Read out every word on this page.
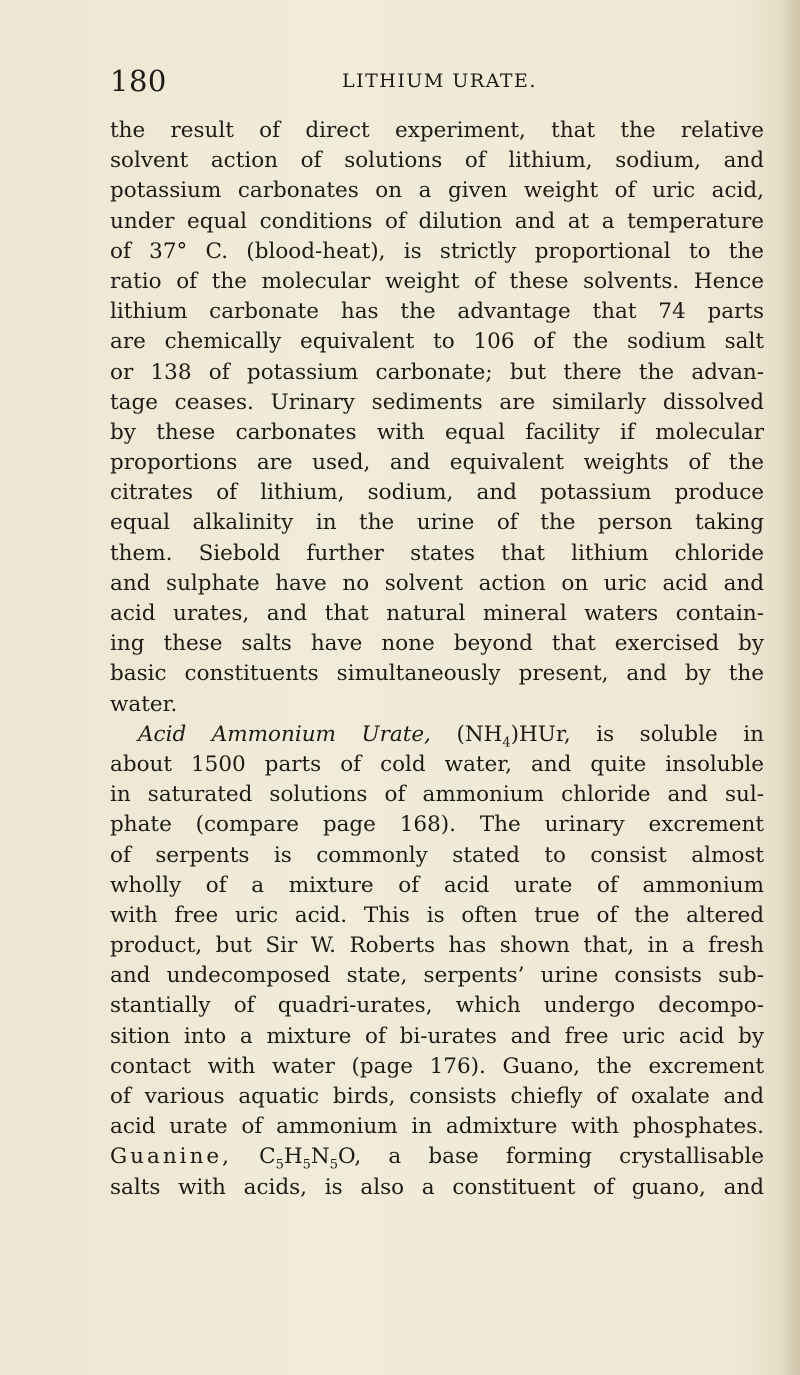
180	LITHIUM URATE.
the result of direct experiment, that the relative
solvent action of solutions of lithium, sodium, and
potassium carbonates on a given weight of uric acid,
under equal conditions of dilution and at a temperature
of 37° C. (blood-heat), is strictly proportional to the
ratio of the molecular weight of these solvents. Hence
lithium carbonate has the advantage that 74 parts
are chemically equivalent to 106 of the sodium salt
or 138 of potassium carbonate; but there the advan-
tage ceases. Urinary sediments are similarly dissolved
by these carbonates with equal facility if molecular
proportions are used, and equivalent weights of the
citrates of lithium, sodium, and potassium produce
equal alkalinity in the urine of the person taking
them. Siebold further states that lithium chloride
and sulphate have no solvent action on uric acid and
acid urates, and that natural mineral waters contain-
ing these salts have none beyond that exercised by
basic constituents simultaneously present, and by the
water.
Acid Ammonium Urate, $(NH_4)HUr$, is soluble in
about 1500 parts of cold water, and quite insoluble
in saturated solutions of ammonium chloride and sul-
phate (compare page 168). The urinary excrement
of serpents is commonly stated to consist almost
wholly of a mixture of acid urate of ammonium
with free uric acid. This is often true of the altered
product, but Sir W. Roberts has shown that, in a fresh
and undecomposed state, serpents’ urine consists sub-
stantially of quadri-urates, which undergo decompo-
sition into a mixture of bi-urates and free uric acid by
contact with water (page 176). Guano, the excrement
of various aquatic birds, consists chiefly of oxalate and
acid urate of ammonium in admixture with phosphates.
Guanine, $C_5H_5N_5O$, a base forming crystallisable
salts with acids, is also a constituent of guano, and
